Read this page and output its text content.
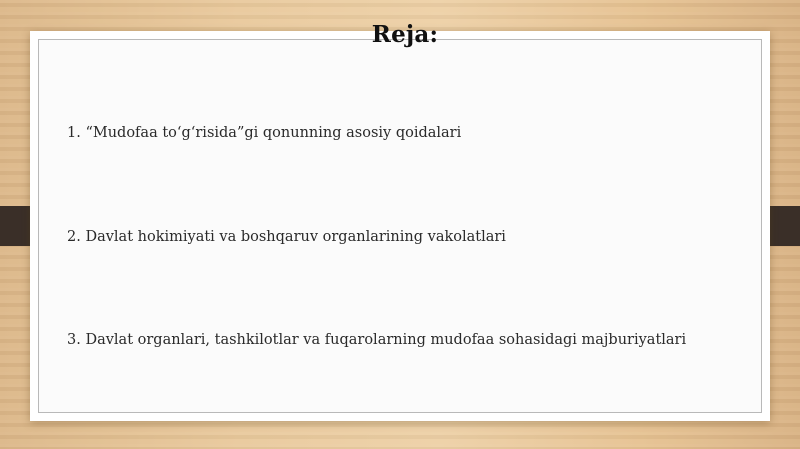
Reja:
1. “Mudofaa to‘g‘risida”gi qonunning asosiy qoidalari
2. Davlat hokimiyati va boshqaruv organlarining vakolatlari
3. Davlat organlari, tashkilotlar va fuqarolarning mudofaa sohasidagi majburiyatlari
